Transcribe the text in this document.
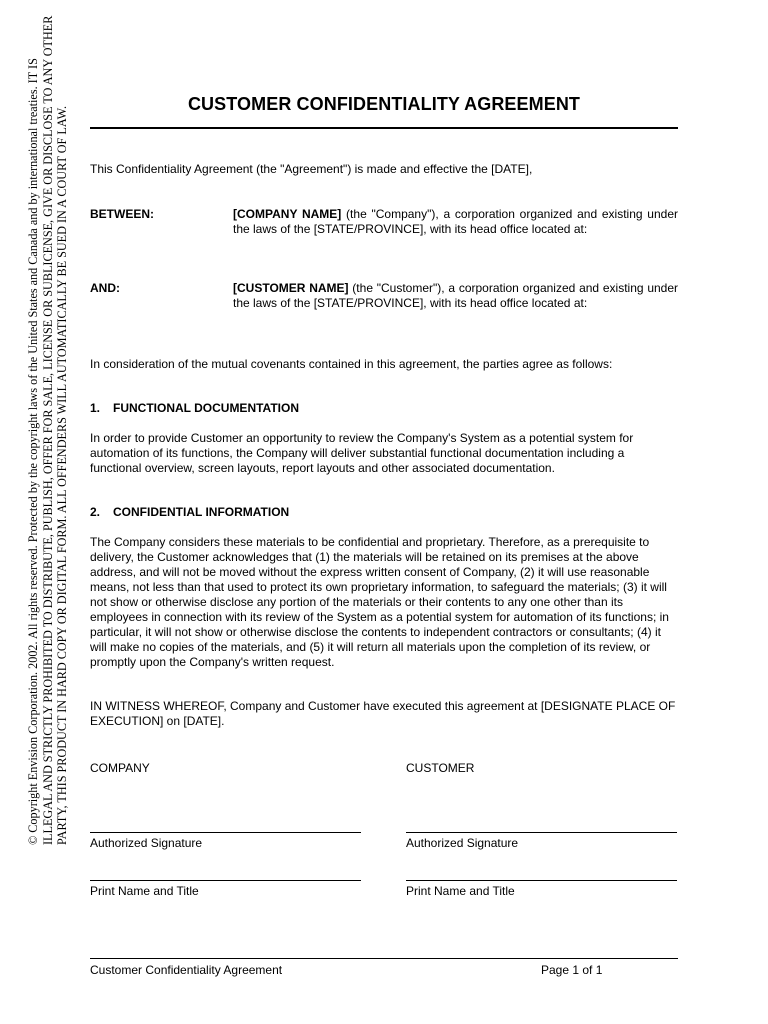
© Copyright Envision Corporation. 2002. All rights reserved. Protected by the copyright laws of the United States and Canada and by international treaties. IT IS ILLEGAL AND STRICTLY PROHIBITED TO DISTRIBUTE, PUBLISH, OFFER FOR SALE, LICENSE OR SUBLICENSE, GIVE OR DISCLOSE TO ANY OTHER PARTY, THIS PRODUCT IN HARD COPY OR DIGITAL FORM. ALL OFFENDERS WILL AUTOMATICALLY BE SUED IN A COURT OF LAW.
CUSTOMER CONFIDENTIALITY AGREEMENT
This Confidentiality Agreement (the "Agreement") is made and effective the [DATE],
BETWEEN:	[COMPANY NAME] (the "Company"), a corporation organized and existing under the laws of the [STATE/PROVINCE], with its head office located at:
AND:	[CUSTOMER NAME] (the "Customer"), a corporation organized and existing under the laws of the [STATE/PROVINCE], with its head office located at:
In consideration of the mutual covenants contained in this agreement, the parties agree as follows:
1. FUNCTIONAL DOCUMENTATION
In order to provide Customer an opportunity to review the Company's System as a potential system for automation of its functions, the Company will deliver substantial functional documentation including a functional overview, screen layouts, report layouts and other associated documentation.
2. CONFIDENTIAL INFORMATION
The Company considers these materials to be confidential and proprietary. Therefore, as a prerequisite to delivery, the Customer acknowledges that (1) the materials will be retained on its premises at the above address, and will not be moved without the express written consent of Company, (2) it will use reasonable means, not less than that used to protect its own proprietary information, to safeguard the materials; (3) it will not show or otherwise disclose any portion of the materials or their contents to any one other than its employees in connection with its review of the System as a potential system for automation of its functions; in particular, it will not show or otherwise disclose the contents to independent contractors or consultants; (4) it will make no copies of the materials, and (5) it will return all materials upon the completion of its review, or promptly upon the Company's written request.
IN WITNESS WHEREOF, Company and Customer have executed this agreement at [DESIGNATE PLACE OF EXECUTION] on [DATE].
COMPANY	CUSTOMER
Authorized Signature	Authorized Signature
Print Name and Title	Print Name and Title
Customer Confidentiality Agreement	Page 1 of 1
